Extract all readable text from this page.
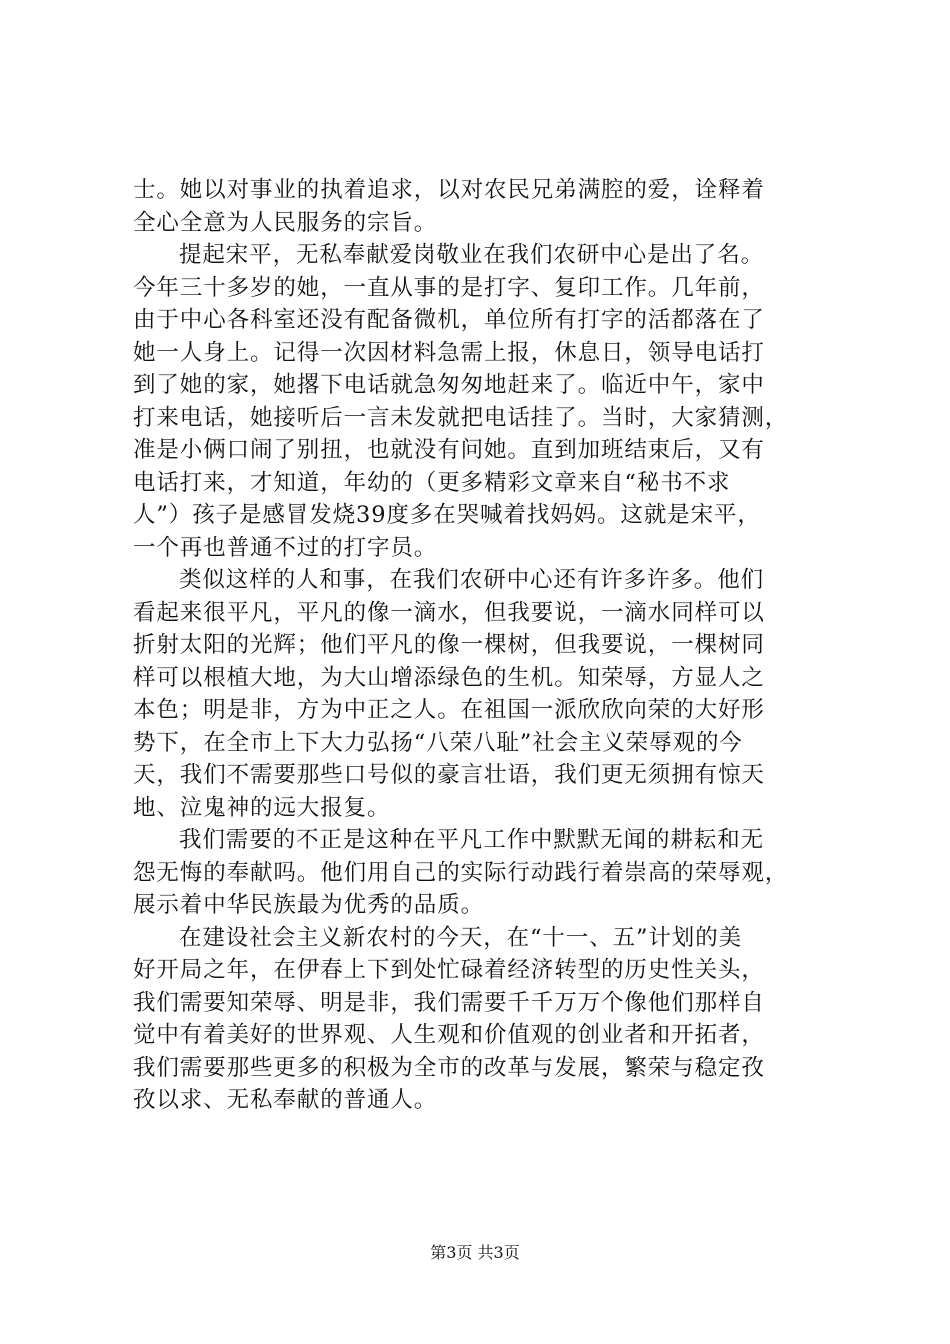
士。她以对事业的执着追求，以对农民兄弟满腔的爱，诠释着
全心全意为人民服务的宗旨。
提起宋平，无私奉献爱岗敬业在我们农研中心是出了名。
今年三十多岁的她，一直从事的是打字、复印工作。几年前，
由于中心各科室还没有配备微机，单位所有打字的活都落在了
她一人身上。记得一次因材料急需上报，休息日，领导电话打
到了她的家，她撂下电话就急匆匆地赶来了。临近中午，家中
打来电话，她接听后一言未发就把电话挂了。当时，大家猜测，
准是小俩口闹了别扭，也就没有问她。直到加班结束后，又有
电话打来，才知道，年幼的（更多精彩文章来自“秘书不求
人”）孩子是感冒发烧39度多在哭喊着找妈妈。这就是宋平，
一个再也普通不过的打字员。
类似这样的人和事，在我们农研中心还有许多许多。他们
看起来很平凡，平凡的像一滴水，但我要说，一滴水同样可以
折射太阳的光辉；他们平凡的像一棵树，但我要说，一棵树同
样可以根植大地，为大山增添绿色的生机。知荣辱，方显人之
本色；明是非，方为中正之人。在祖国一派欣欣向荣的大好形
势下，在全市上下大力弘扬“八荣八耻”社会主义荣辱观的今
天，我们不需要那些口号似的豪言壮语，我们更无须拥有惊天
地、泣鬼神的远大报复。
我们需要的不正是这种在平凡工作中默默无闻的耕耘和无
怨无悔的奉献吗。他们用自己的实际行动践行着崇高的荣辱观，
展示着中华民族最为优秀的品质。
在建设社会主义新农村的今天，在“十一、五”计划的美
好开局之年，在伊春上下到处忙碌着经济转型的历史性关头，
我们需要知荣辱、明是非，我们需要千千万万个像他们那样自
觉中有着美好的世界观、人生观和价值观的创业者和开拓者，
我们需要那些更多的积极为全市的改革与发展，繁荣与稳定孜
孜以求、无私奉献的普通人。
第3页 共3页
